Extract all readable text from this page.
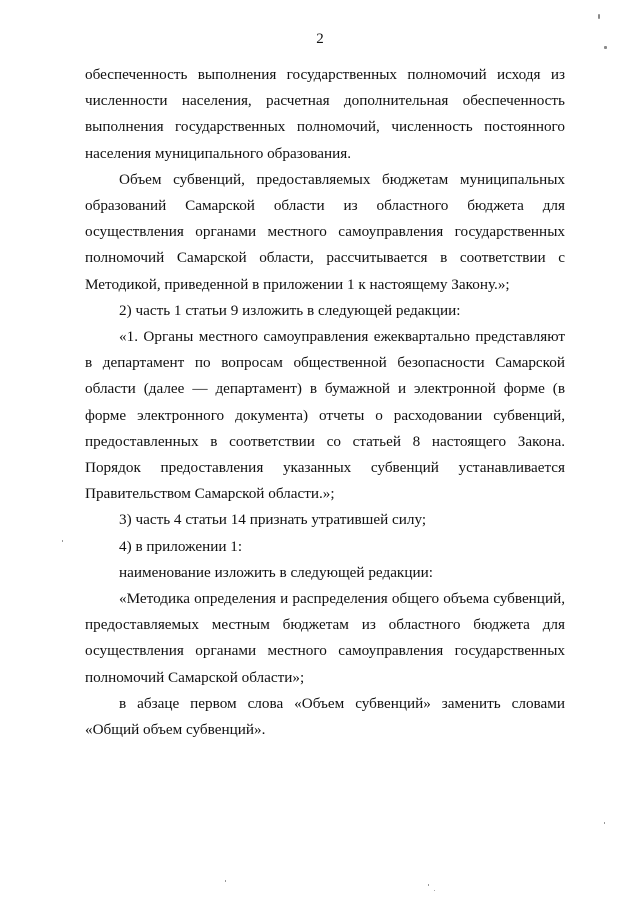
2

обеспеченность выполнения государственных полномочий исходя из численности населения, расчетная дополнительная обеспеченность выполнения государственных полномочий, численность постоянного населения муниципального образования.

Объем субвенций, предоставляемых бюджетам муниципальных образований Самарской области из областного бюджета для осуществления органами местного самоуправления государственных полномочий Самарской области, рассчитывается в соответствии с Методикой, приведенной в приложении 1 к настоящему Закону.»;

2) часть 1 статьи 9 изложить в следующей редакции:

«1. Органы местного самоуправления ежеквартально представляют в департамент по вопросам общественной безопасности Самарской области (далее — департамент) в бумажной и электронной форме (в форме электронного документа) отчеты о расходовании субвенций, предоставленных в соответствии со статьей 8 настоящего Закона. Порядок предоставления указанных субвенций устанавливается Правительством Самарской области.»;

3) часть 4 статьи 14 признать утратившей силу;

4) в приложении 1:

наименование изложить в следующей редакции:

«Методика определения и распределения общего объема субвенций, предоставляемых местным бюджетам из областного бюджета для осуществления органами местного самоуправления государственных полномочий Самарской области»;

в абзаце первом слова «Объем субвенций» заменить словами «Общий объем субвенций».
